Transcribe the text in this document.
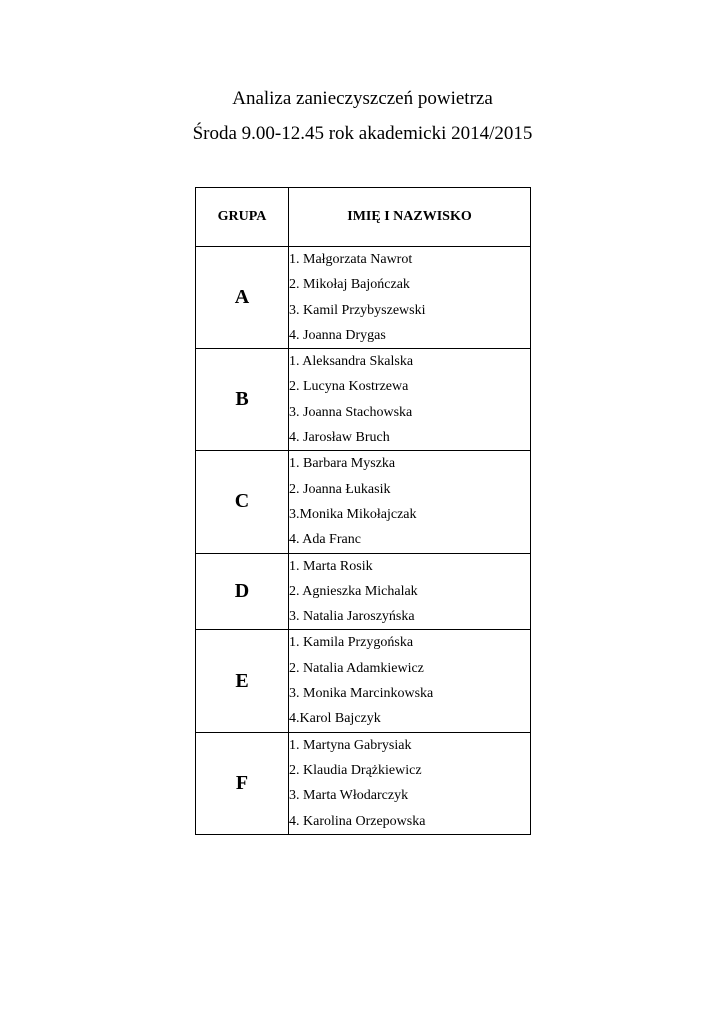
Analiza zanieczyszczeń powietrza
Środa 9.00-12.45 rok akademicki 2014/2015
GRUPA	IMIĘ I NAZWISKO
A	1. Małgorzata Nawrot
2. Mikołaj Bajończak
3. Kamil Przybyszewski
4. Joanna Drygas

B	1. Aleksandra Skalska
2. Lucyna Kostrzewa
3. Joanna Stachowska
4. Jarosław Bruch

C	1. Barbara Myszka
2. Joanna Łukasik
3.Monika Mikołajczak
4. Ada Franc

D	1. Marta Rosik
2. Agnieszka Michalak
3. Natalia Jaroszyńska

E	1. Kamila Przygońska
2. Natalia Adamkiewicz
3. Monika Marcinkowska
4.Karol Bajczyk

F	1. Martyna Gabrysiak
2. Klaudia Drążkiewicz
3. Marta Włodarczyk
4. Karolina Orzepowska
